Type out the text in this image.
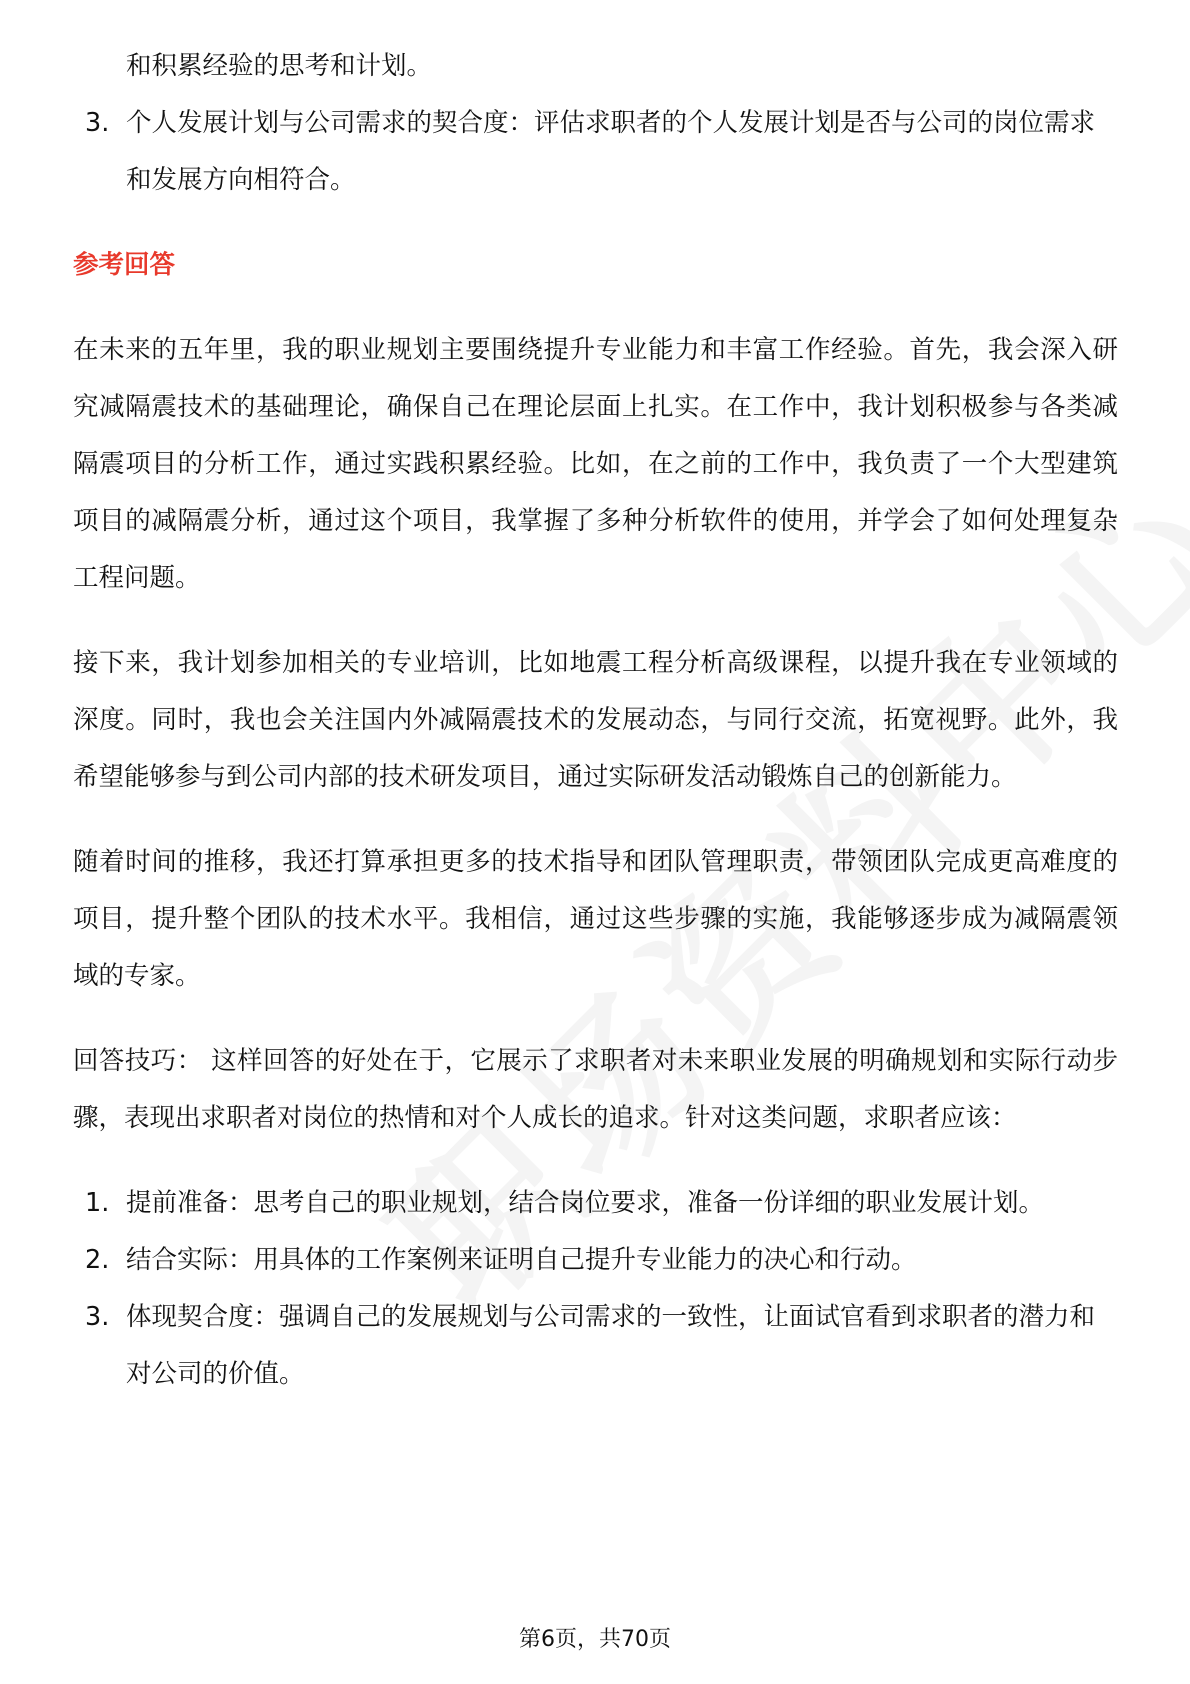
和积累经验的思考和计划。

3. 个人发展计划与公司需求的契合度：评估求职者的个人发展计划是否与公司的岗位需求和发展方向相符合。
参考回答

在未来的五年里，我的职业规划主要围绕提升专业能力和丰富工作经验。首先，我会深入研究减隔震技术的基础理论，确保自己在理论层面上扎实。在工作中，我计划积极参与各类减隔震项目的分析工作，通过实践积累经验。比如，在之前的工作中，我负责了一个大型建筑项目的减隔震分析，通过这个项目，我掌握了多种分析软件的使用，并学会了如何处理复杂工程问题。

接下来，我计划参加相关的专业培训，比如地震工程分析高级课程，以提升我在专业领域的深度。同时，我也会关注国内外减隔震技术的发展动态，与同行交流，拓宽视野。此外，我希望能够参与到公司内部的技术研发项目，通过实际研发活动锻炼自己的创新能力。

随着时间的推移，我还打算承担更多的技术指导和团队管理职责，带领团队完成更高难度的项目，提升整个团队的技术水平。我相信，通过这些步骤的实施，我能够逐步成为减隔震领域的专家。

回答技巧： 这样回答的好处在于，它展示了求职者对未来职业发展的明确规划和实际行动步骤，表现出求职者对岗位的热情和对个人成长的追求。针对这类问题，求职者应该：

1. 提前准备：思考自己的职业规划，结合岗位要求，准备一份详细的职业发展计划。
2. 结合实际：用具体的工作案例来证明自己提升专业能力的决心和行动。
3. 体现契合度：强调自己的发展规划与公司需求的一致性，让面试官看到求职者的潜力和对公司的价值。
第6页，共70页
